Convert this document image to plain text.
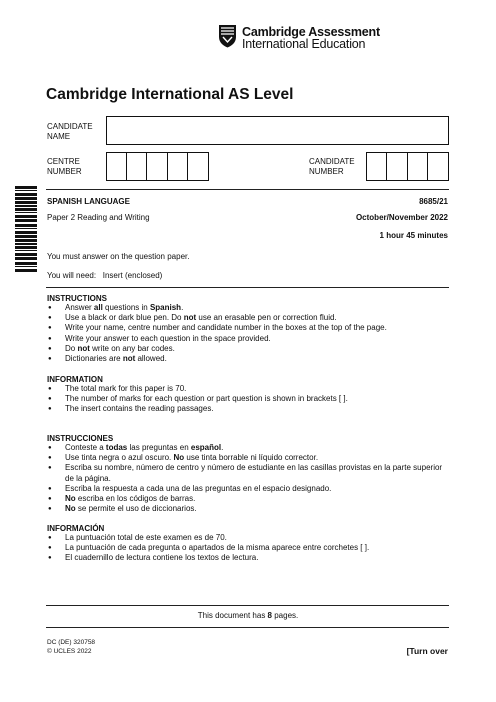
Cambridge Assessment
International Education
Cambridge International AS Level
CANDIDATE
NAME
CENTRE
NUMBER
CANDIDATE
NUMBER
SPANISH LANGUAGE	8685/21
Paper 2 Reading and Writing	October/November 2022
1 hour 45 minutes
You must answer on the question paper.
You will need: Insert (enclosed)
INSTRUCTIONS
● Answer all questions in Spanish.
● Use a black or dark blue pen. Do not use an erasable pen or correction fluid.
● Write your name, centre number and candidate number in the boxes at the top of the page.
● Write your answer to each question in the space provided.
● Do not write on any bar codes.
● Dictionaries are not allowed.
INFORMATION
● The total mark for this paper is 70.
● The number of marks for each question or part question is shown in brackets [ ].
● The insert contains the reading passages.
INSTRUCCIONES
● Conteste a todas las preguntas en español.
● Use tinta negra o azul oscuro. No use tinta borrable ni líquido corrector.
● Escriba su nombre, número de centro y número de estudiante en las casillas provistas en la parte superior de la página.
● Escriba la respuesta a cada una de las preguntas en el espacio designado.
● No escriba en los códigos de barras.
● No se permite el uso de diccionarios.
INFORMACIÓN
● La puntuación total de este examen es de 70.
● La puntuación de cada pregunta o apartados de la misma aparece entre corchetes [ ].
● El cuadernillo de lectura contiene los textos de lectura.
This document has 8 pages.
DC (DE) 320758
© UCLES 2022	[Turn over
